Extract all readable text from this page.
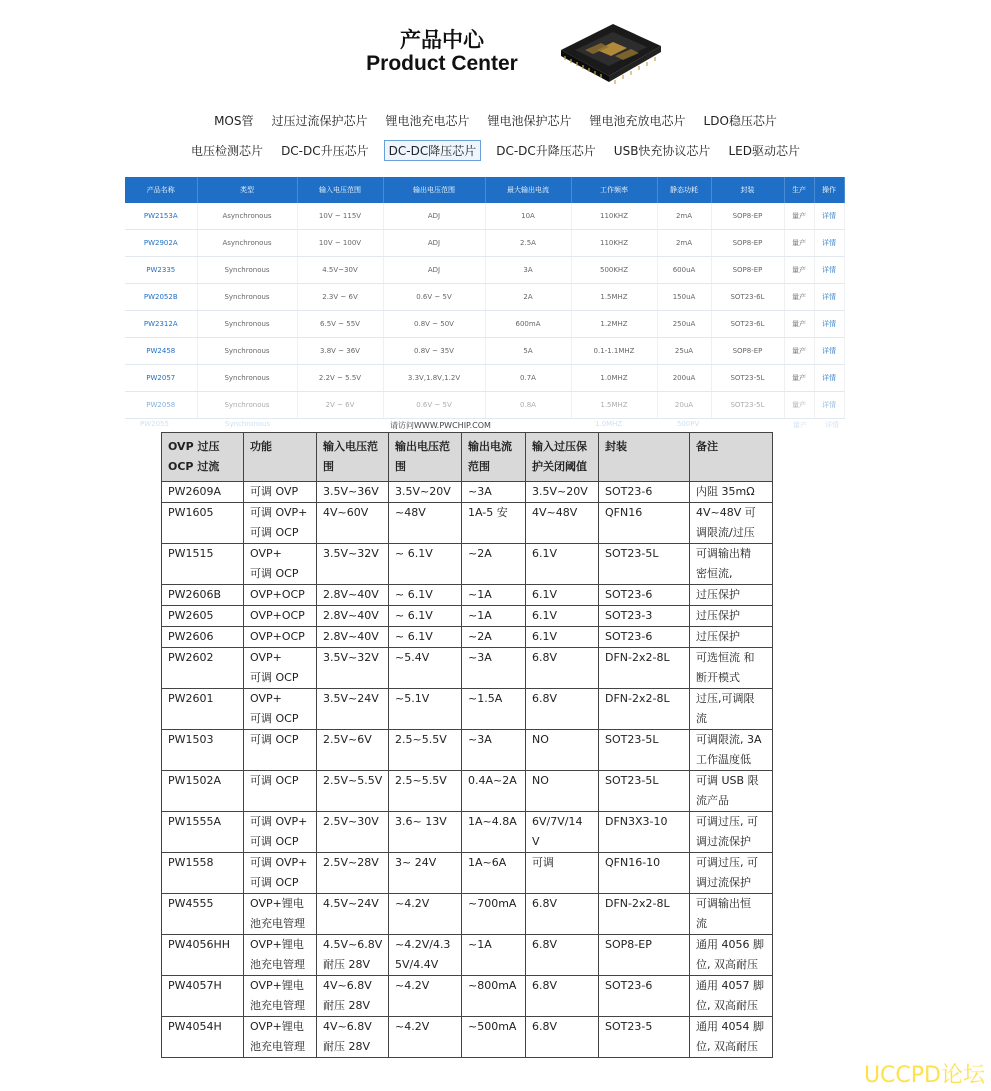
产品中心
Product Center
MOS管 过压过流保护芯片 锂电池充电芯片 锂电池保护芯片 锂电池充放电芯片 LDO稳压芯片
电压检测芯片 DC-DC升压芯片	DC-DC降压芯片	DC-DC升降压芯片 USB快充协议芯片 LED驱动芯片
产品名称	类型	输入电压范围	输出电压范围	最大输出电流	工作频率	静态功耗	封装	生产	操作
PW2153A	Asynchronous	10V ~ 115V	ADJ	10A	110KHZ	2mA	SOP8-EP	量产	详情
PW2902A	Asynchronous	10V ~ 100V	ADJ	2.5A	110KHZ	2mA	SOP8-EP	量产	详情
PW2335	Synchronous	4.5V~30V	ADJ	3A	500KHZ	600uA	SOP8-EP	量产	详情
PW2052B	Synchronous	2.3V ~ 6V	0.6V ~ 5V	2A	1.5MHZ	150uA	SOT23-6L	量产	详情
PW2312A	Synchronous	6.5V ~ 55V	0.8V ~ 50V	600mA	1.2MHZ	250uA	SOT23-6L	量产	详情
PW2458	Synchronous	3.8V ~ 36V	0.8V ~ 35V	5A	0.1-1.1MHZ	25uA	SOP8-EP	量产	详情
PW2057	Synchronous	2.2V ~ 5.5V	3.3V,1.8V,1.2V	0.7A	1.0MHZ	200uA	SOT23-5L	量产	详情
PW2058	Synchronous	2V ~ 6V	0.6V ~ 5V	0.8A	1.5MHZ	20uA	SOT23-5L	量产	详情
PW2055	Synchronous	1.0MHZ	500PV	量产	详情
请访问WWW.PWCHIP.COM
OVP 过压
OCP 过流	功能	输入电压范
围	输出电压范
围	输出电流
范围	输入过压保
护关闭阈值	封装	备注
PW2609A	可调 OVP	3.5V~36V	3.5V~20V	~3A	3.5V~20V	SOT23-6	内阻 35mΩ
PW1605	可调 OVP+
可调 OCP	4V~60V	~48V	1A-5 安	4V~48V	QFN16	4V~48V 可
调限流/过压
PW1515	OVP+
可调 OCP	3.5V~32V	~ 6.1V	~2A	6.1V	SOT23-5L	可调输出精
密恒流,
PW2606B	OVP+OCP	2.8V~40V	~ 6.1V	~1A	6.1V	SOT23-6	过压保护
PW2605	OVP+OCP	2.8V~40V	~ 6.1V	~1A	6.1V	SOT23-3	过压保护
PW2606	OVP+OCP	2.8V~40V	~ 6.1V	~2A	6.1V	SOT23-6	过压保护
PW2602	OVP+
可调 OCP	3.5V~32V	~5.4V	~3A	6.8V	DFN-2x2-8L	可选恒流 和
断开模式
PW2601	OVP+
可调 OCP	3.5V~24V	~5.1V	~1.5A	6.8V	DFN-2x2-8L	过压,可调限
流
PW1503	可调 OCP	2.5V~6V	2.5~5.5V	~3A	NO	SOT23-5L	可调限流, 3A
工作温度低
PW1502A	可调 OCP	2.5V~5.5V	2.5~5.5V	0.4A~2A	NO	SOT23-5L	可调 USB 限
流产品
PW1555A	可调 OVP+
可调 OCP	2.5V~30V	3.6~ 13V	1A~4.8A	6V/7V/14
V	DFN3X3-10	可调过压, 可
调过流保护
PW1558	可调 OVP+
可调 OCP	2.5V~28V	3~ 24V	1A~6A	可调	QFN16-10	可调过压, 可
调过流保护
PW4555	OVP+锂电
池充电管理	4.5V~24V	~4.2V	~700mA	6.8V	DFN-2x2-8L	可调输出恒
流
PW4056HH	OVP+锂电
池充电管理	4.5V~6.8V
耐压 28V	~4.2V/4.3
5V/4.4V	~1A	6.8V	SOP8-EP	通用 4056 脚
位, 双高耐压
PW4057H	OVP+锂电
池充电管理	4V~6.8V
耐压 28V	~4.2V	~800mA	6.8V	SOT23-6	通用 4057 脚
位, 双高耐压
PW4054H	OVP+锂电
池充电管理	4V~6.8V
耐压 28V	~4.2V	~500mA	6.8V	SOT23-5	通用 4054 脚
位, 双高耐压
UCCPD论坛
